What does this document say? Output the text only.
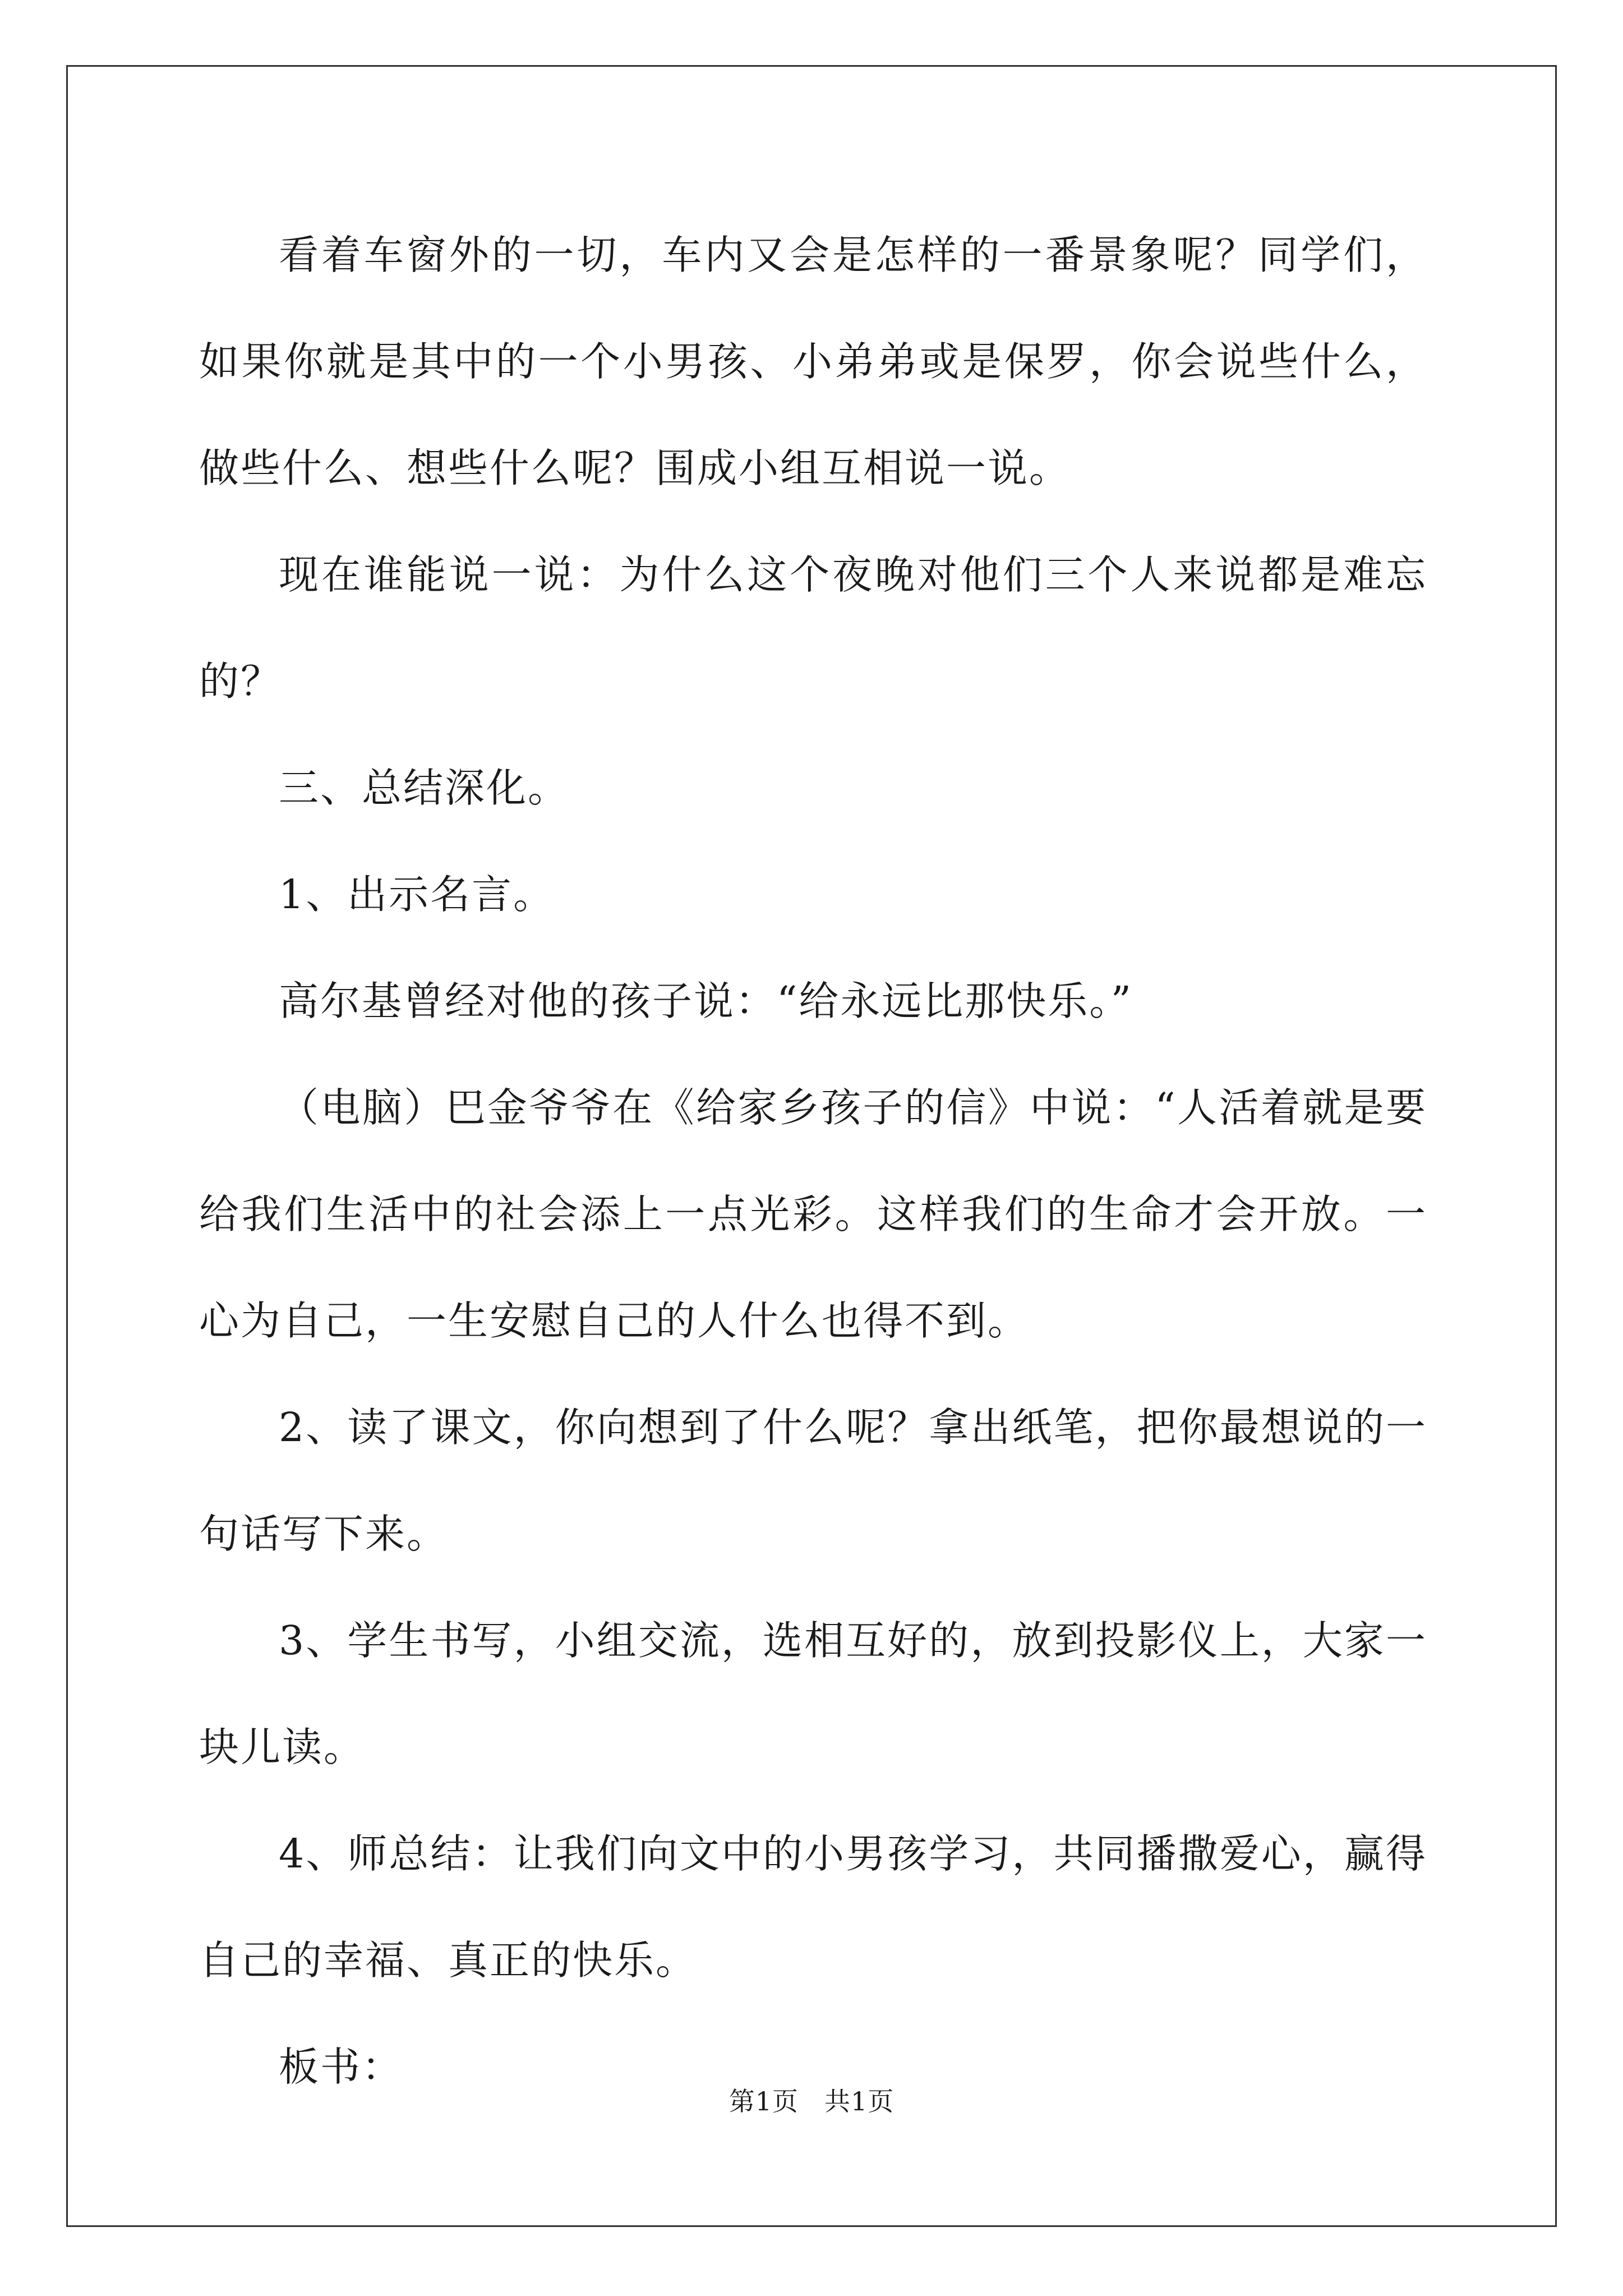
看着车窗外的一切，车内又会是怎样的一番景象呢？同学们，如果你就是其中的一个小男孩、小弟弟或是保罗，你会说些什么，做些什么、想些什么呢？围成小组互相说一说。

现在谁能说一说：为什么这个夜晚对他们三个人来说都是难忘的？

三、总结深化。

1、出示名言。

高尔基曾经对他的孩子说：“给永远比那快乐。”

（电脑）巴金爷爷在《给家乡孩子的信》中说：“人活着就是要给我们生活中的社会添上一点光彩。这样我们的生命才会开放。一心为自己，一生安慰自己的人什么也得不到。

2、读了课文，你向想到了什么呢？拿出纸笔，把你最想说的一句话写下来。

3、学生书写，小组交流，选相互好的，放到投影仪上，大家一块儿读。

4、师总结：让我们向文中的小男孩学习，共同播撒爱心，赢得自己的幸福、真正的快乐。

板书：

第1页 共1页
